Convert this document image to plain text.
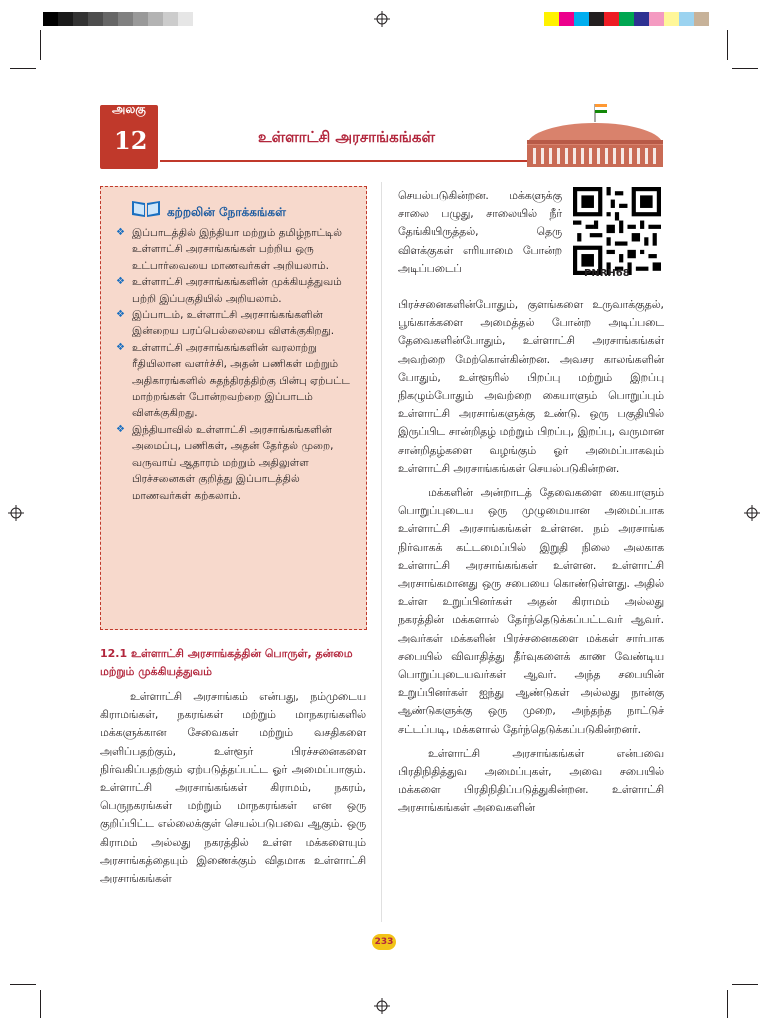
அலகு
12	உள்ளாட்சி அரசாங்கங்கள்
கற்றலின் நோக்கங்கள்
❖ இப்பாடத்தில் இந்தியா மற்றும் தமிழ்நாட்டில் உள்ளாட்சி அரசாங்கங்கள் பற்றிய ஒரு உட்பார்வையை மாணவர்கள் அறியலாம்.
❖ உள்ளாட்சி அரசாங்கங்களின் முக்கியத்துவம் பற்றி இப்பகுதியில் அறியலாம்.
❖ இப்பாடம், உள்ளாட்சி அரசாங்கங்களின் இன்றைய பரப்பெல்லையை விளக்குகிறது.
❖ உள்ளாட்சி அரசாங்கங்களின் வரலாற்று ரீதியிலான வளர்ச்சி, அதன் பணிகள் மற்றும் அதிகாரங்களில் சுதந்திரத்திற்கு பின்பு ஏற்பட்ட மாற்றங்கள் போன்றவற்றை இப்பாடம் விளக்குகிறது.
❖ இந்தியாவில் உள்ளாட்சி அரசாங்கங்களின் அமைப்பு, பணிகள், அதன் தேர்தல் முறை, வருவாய் ஆதாரம் மற்றும் அதிலுள்ள பிரச்சனைகள் குறித்து இப்பாடத்தில் மாணவர்கள் கற்கலாம்.
12.1 உள்ளாட்சி அரசாங்கத்தின் பொருள், தன்மை மற்றும் முக்கியத்துவம்

உள்ளாட்சி அரசாங்கம் என்பது, நம்முடைய கிராமங்கள், நகரங்கள் மற்றும் மாநகரங்களில் மக்களுக்கான சேவைகள் மற்றும் வசதிகளை அளிப்பதற்கும், உள்ளூர் பிரச்சனைகளை நிர்வகிப்பதற்கும் ஏற்படுத்தப்பட்ட ஓர் அமைப்பாகும். உள்ளாட்சி அரசாங்கங்கள் கிராமம், நகரம், பெருநகரங்கள் மற்றும் மாநகரங்கள் என ஒரு குறிப்பிட்ட எல்லைக்குள் செயல்படுபவை ஆகும். ஒரு கிராமம் அல்லது நகரத்தில் உள்ள மக்களையும் அரசாங்கத்தையும் இணைக்கும் விதமாக உள்ளாட்சி அரசாங்கங்கள்

செயல்படுகின்றன. மக்களுக்கு சாலை பழுது, சாலையில் நீர் தேங்கியிருத்தல், தெரு விளக்குகள் எரியாமை போன்ற அடிப்படைப்

பிரச்சனைகளின்போதும், குளங்களை உருவாக்குதல், பூங்காக்களை அமைத்தல் போன்ற அடிப்படை தேவைகளின்போதும், உள்ளாட்சி அரசாங்கங்கள் அவற்றை மேற்கொள்கின்றன. அவசர காலங்களின் போதும், உள்ளூரில் பிறப்பு மற்றும் இறப்பு நிகழும்போதும் அவற்றை கையாளும் பொறுப்பும் உள்ளாட்சி அரசாங்களுக்கு உண்டு. ஒரு பகுதியில் இருப்பிட சான்றிதழ் மற்றும் பிறப்பு, இறப்பு, வருமான சான்றிதழ்களை வழங்கும் ஓர் அமைப்பாகவும் உள்ளாட்சி அரசாங்கங்கள் செயல்படுகின்றன.

மக்களின் அன்றாடத் தேவைகளை கையாளும் பொறுப்புடைய ஒரு முழுமையான அமைப்பாக உள்ளாட்சி அரசாங்கங்கள் உள்ளன. நம் அரசாங்க நிர்வாகக் கட்டமைப்பில் இறுதி நிலை அலகாக உள்ளாட்சி அரசாங்கங்கள் உள்ளன. உள்ளாட்சி அரசாங்கமானது ஒரு சபையை கொண்டுள்ளது. அதில் உள்ள உறுப்பினர்கள் அதன் கிராமம் அல்லது நகரத்தின் மக்களால் தேர்ந்தெடுக்கப்பட்டவர் ஆவர். அவர்கள் மக்களின் பிரச்சனைகளை மக்கள் சார்பாக சபையில் விவாதித்து தீர்வுகளைக் காண வேண்டிய பொறுப்புடையவர்கள் ஆவர். அந்த சபையின் உறுப்பினர்கள் ஐந்து ஆண்டுகள் அல்லது நான்கு ஆண்டுகளுக்கு ஒரு முறை, அந்தந்த நாட்டுச் சட்டப்படி, மக்களால் தேர்ந்தெடுக்கப்படுகின்றனர்.

உள்ளாட்சி அரசாங்கங்கள் என்பவை பிரதிநிதித்துவ அமைப்புகள், அவை சபையில் மக்களை பிரதிநிதிப்படுத்துகின்றன. உள்ளாட்சி அரசாங்கங்கள் அவைகளின்

PNRH68
233
